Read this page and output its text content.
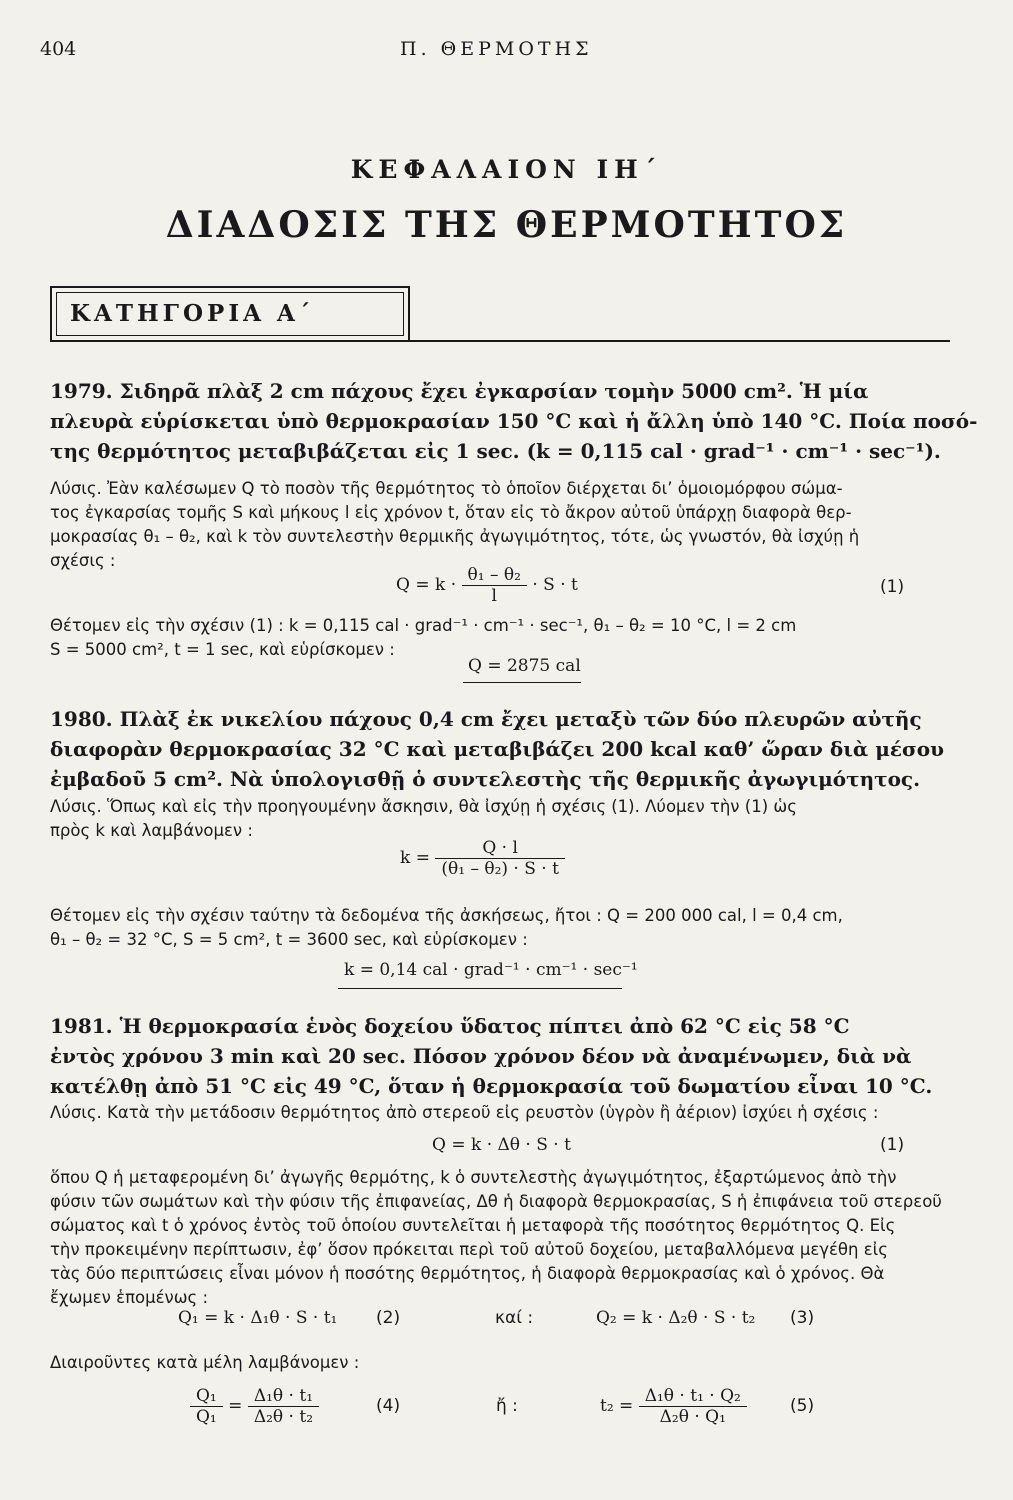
404	Π. ΘΕΡΜΟΤΗΣ
ΚΕΦΑΛΑΙΟΝ ΙΗ΄
ΔΙΑΔΟΣΙΣ ΤΗΣ ΘΕΡΜΟΤΗΤΟΣ
ΚΑΤΗΓΟΡΙΑ Α΄
1979. Σιδηρᾶ πλὰξ 2 cm πάχους ἔχει ἐγκαρσίαν τομὴν 5000 cm². Ἡ μία
πλευρὰ εὑρίσκεται ὑπὸ θερμοκρασίαν 150 °C καὶ ἡ ἄλλη ὑπὸ 140 °C. Ποία ποσό-
της θερμότητος μεταβιβάζεται εἰς 1 sec. (k = 0,115 cal · grad⁻¹ · cm⁻¹ · sec⁻¹).
Λύσις. Ἐὰν καλέσωμεν Q τὸ ποσὸν τῆς θερμότητος τὸ ὁποῖον διέρχεται δι’ ὁμοιομόρφου σώμα-
τος ἐγκαρσίας τομῆς S καὶ μήκους l εἰς χρόνον t, ὅταν εἰς τὸ ἄκρον αὐτοῦ ὑπάρχῃ διαφορὰ θερ-
μοκρασίας θ₁ – θ₂, καὶ k τὸν συντελεστὴν θερμικῆς ἀγωγιμότητος, τότε, ὡς γνωστόν, θὰ ἰσχύῃ ἡ
σχέσις :
$Q = k \cdot \frac{\text{θ₁ – θ₂}}{l} \cdot S \cdot t$	(1)
Θέτομεν εἰς τὴν σχέσιν (1) : k = 0,115 cal · grad⁻¹ · cm⁻¹ · sec⁻¹, θ₁ – θ₂ = 10 °C, l = 2 cm
S = 5000 cm², t = 1 sec, καὶ εὑρίσκομεν :
Q = 2875 cal
1980. Πλὰξ ἐκ νικελίου πάχους 0,4 cm ἔχει μεταξὺ τῶν δύο πλευρῶν αὐτῆς
διαφορὰν θερμοκρασίας 32 °C καὶ μεταβιβάζει 200 kcal καθ’ ὥραν διὰ μέσου
ἐμβαδοῦ 5 cm². Νὰ ὑπολογισθῇ ὁ συντελεστὴς τῆς θερμικῆς ἀγωγιμότητος.
Λύσις. Ὅπως καὶ εἰς τὴν προηγουμένην ἄσκησιν, θὰ ἰσχύῃ ἡ σχέσις (1). Λύομεν τὴν (1) ὡς
πρὸς k καὶ λαμβάνομεν :
$k = \frac{Q \cdot l}{\text{(θ₁ – θ₂) · S · t}}$
Θέτομεν εἰς τὴν σχέσιν ταύτην τὰ δεδομένα τῆς ἀσκήσεως, ἤτοι : Q = 200 000 cal, l = 0,4 cm,
θ₁ – θ₂ = 32 °C, S = 5 cm², t = 3600 sec, καὶ εὑρίσκομεν :
k = 0,14 cal · grad⁻¹ · cm⁻¹ · sec⁻¹
1981. Ἡ θερμοκρασία ἑνὸς δοχείου ὕδατος πίπτει ἀπὸ 62 °C εἰς 58 °C
ἐντὸς χρόνου 3 min καὶ 20 sec. Πόσον χρόνον δέον νὰ ἀναμένωμεν, διὰ νὰ
κατέλθῃ ἀπὸ 51 °C εἰς 49 °C, ὅταν ἡ θερμοκρασία τοῦ δωματίου εἶναι 10 °C.
Λύσις. Κατὰ τὴν μετάδοσιν θερμότητος ἀπὸ στερεοῦ εἰς ρευστὸν (ὑγρὸν ἢ ἀέριον) ἰσχύει ἡ σχέσις :
Q = k · Δθ · S · t	(1)
ὅπου Q ἡ μεταφερομένη δι’ ἀγωγῆς θερμότης, k ὁ συντελεστὴς ἀγωγιμότητος, ἐξαρτώμενος ἀπὸ τὴν
φύσιν τῶν σωμάτων καὶ τὴν φύσιν τῆς ἐπιφανείας, Δθ ἡ διαφορὰ θερμοκρασίας, S ἡ ἐπιφάνεια τοῦ στερεοῦ
σώματος καὶ t ὁ χρόνος ἐντὸς τοῦ ὁποίου συντελεῖται ἡ μεταφορὰ τῆς ποσότητος θερμότητος Q. Εἰς
τὴν προκειμένην περίπτωσιν, ἐφ’ ὅσον πρόκειται περὶ τοῦ αὐτοῦ δοχείου, μεταβαλλόμενα μεγέθη εἰς
τὰς δύο περιπτώσεις εἶναι μόνον ἡ ποσότης θερμότητος, ἡ διαφορὰ θερμοκρασίας καὶ ὁ χρόνος. Θὰ
ἔχωμεν ἑπομένως :
Q₁ = k · Δ₁θ · S · t₁ (2)	καί :	Q₂ = k · Δ₂θ · S · t₂ (3)
Διαιροῦντες κατὰ μέλη λαμβάνομεν :
$\frac{\text{Q₁}}{\text{Q₁}} = \frac{\text{Δ₁θ · t₁}}{\text{Δ₂θ · t₂}}$	(4)	ἤ :	$t_2 = \frac{\text{Δ₁θ · t₁ · Q₂}}{\text{Δ₂θ · Q₁}}$	(5)
